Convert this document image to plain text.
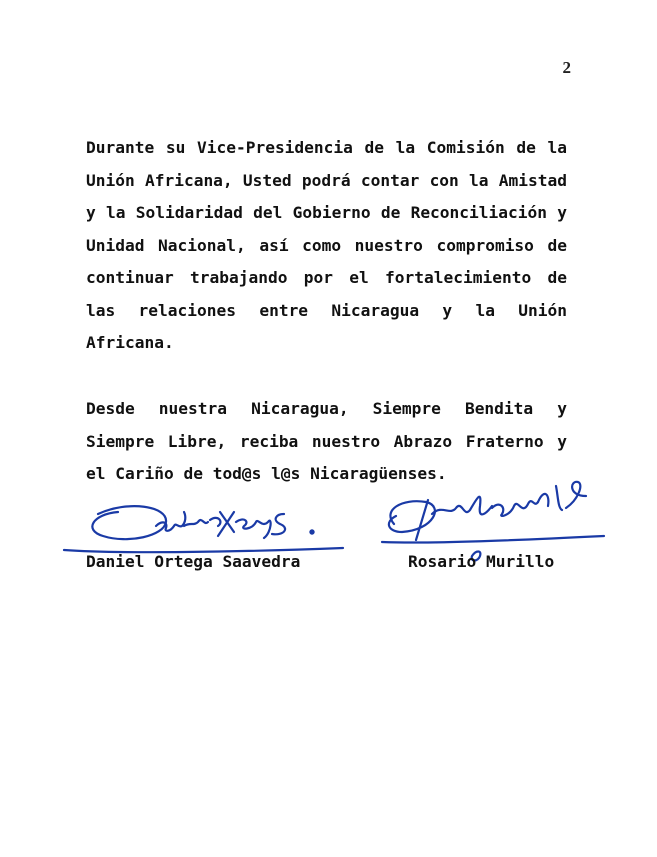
2

Durante su Vice-Presidencia de la Comisión de la Unión Africana, Usted podrá contar con la Amistad y la Solidaridad del Gobierno de Reconciliación y Unidad Nacional, así como nuestro compromiso de continuar trabajando por el fortalecimiento de las relaciones entre Nicaragua y la Unión Africana.

Desde nuestra Nicaragua, Siempre Bendita y Siempre Libre, reciba nuestro Abrazo Fraterno y el Cariño de tod@s l@s Nicaragüenses.

Daniel Ortega Saavedra	Rosario Murillo
